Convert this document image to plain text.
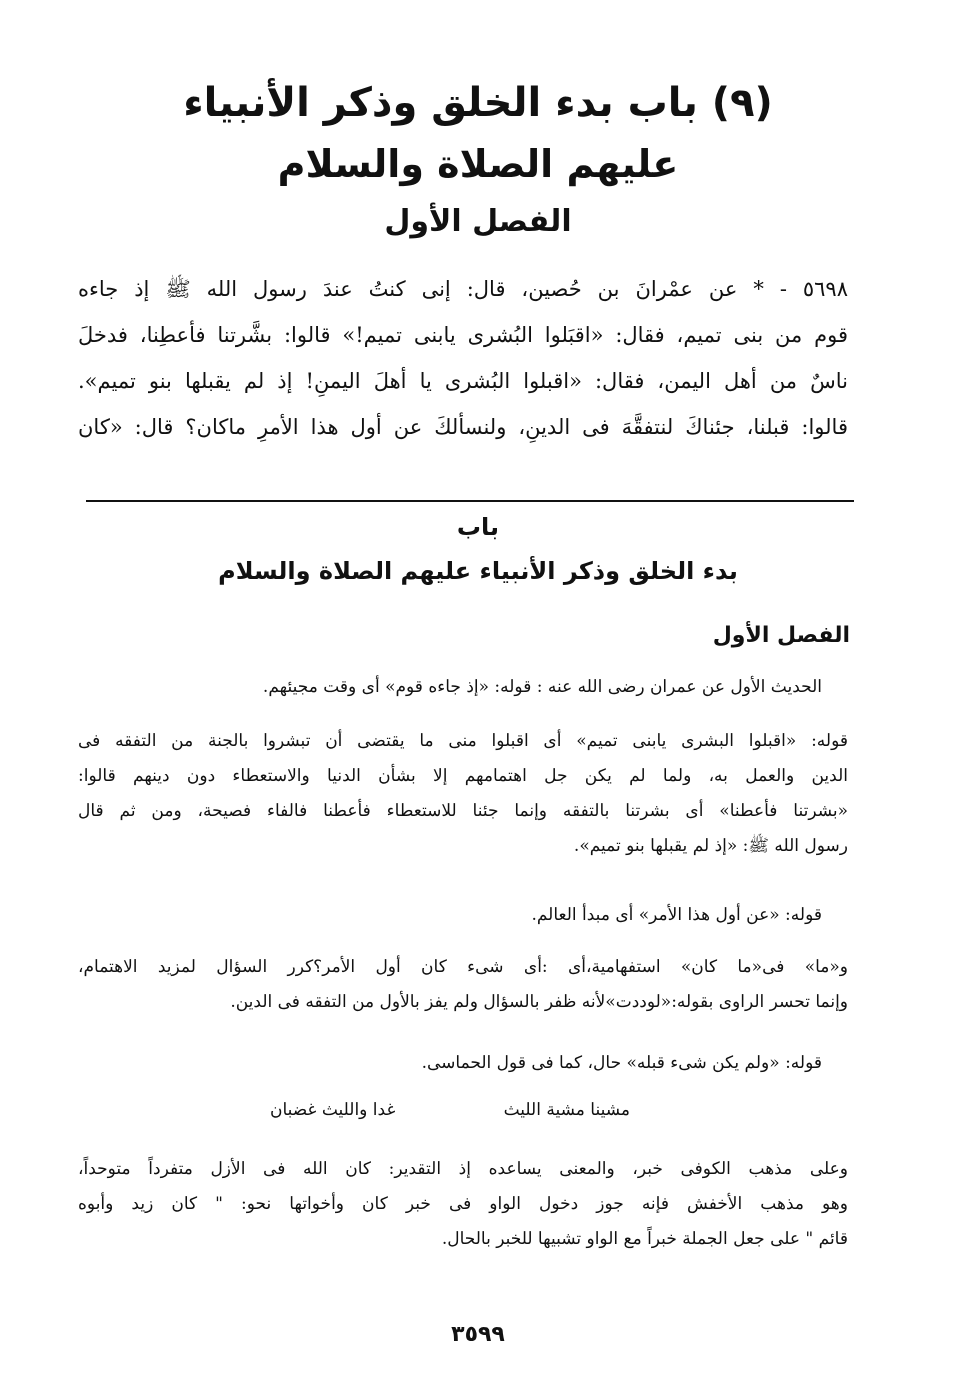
(٩) باب بدء الخلق وذكر الأنبياء
عليهم الصلاة والسلام
الفصل الأول
٥٦٩٨ - * عن عمْرانَ بن حُصين، قال: إنى كنتُ عندَ رسول الله ﷺ إذ جاءه
قوم من بنى تميم، فقال: «اقبَلوا البُشرى يابنى تميم!» قالوا: بشَّرتنا فأعطِنا، فدخلَ
ناسٌ من أهل اليمن، فقال: «اقبلوا البُشرى يا أهلَ اليمنِ! إذ لم يقبلها بنو تميم».
قالوا: قبلنا، جئناكَ لنتفقَّهَ فى الدينِ، ولنسألكَ عن أول هذا الأمرِ ماكان؟ قال: «كان
باب
بدء الخلق وذكر الأنبياء عليهم الصلاة والسلام
الفصل الأول
الحديث الأول عن عمران رضى الله عنه : قوله: «إذ جاءه قوم» أى وقت مجيئهم.
قوله: «اقبلوا البشرى يابنى تميم» أى اقبلوا منى ما يقتضى أن تبشروا بالجنة من التفقه فى
الدين والعمل به، ولما لم يكن جل اهتمامهم إلا بشأن الدنيا والاستعطاء دون دينهم قالوا:
«بشرتنا فأعطنا» أى بشرتنا بالتفقه وإنما جئنا للاستعطاء فأعطنا فالفاء فصيحة، ومن ثم قال
رسول الله ﷺ: «إذ لم يقبلها بنو تميم».
قوله: «عن أول هذا الأمر» أى مبدأ العالم.
و«ما» فى«ما كان» استفهامية،أى :أى شىء كان أول الأمر؟كرر السؤال لمزيد الاهتمام،
وإنما تحسر الراوى بقوله:«لوددت»لأنه ظفر بالسؤال ولم يفز بالأول من التفقه فى الدين.
قوله: «ولم يكن شىء قبله» حال، كما فى قول الحماسى.
مشينا مشية الليث
غدا والليث غضبان
وعلى مذهب الكوفى خبر، والمعنى يساعده إذ التقدير: كان الله فى الأزل متفرداً متوحداً،
وهو مذهب الأخفش فإنه جوز دخول الواو فى خبر كان وأخواتها نحو: " كان زيد وأبوه
قائم " على جعل الجملة خبراً مع الواو تشبيها للخبر بالحال.
٣٥٩٩
